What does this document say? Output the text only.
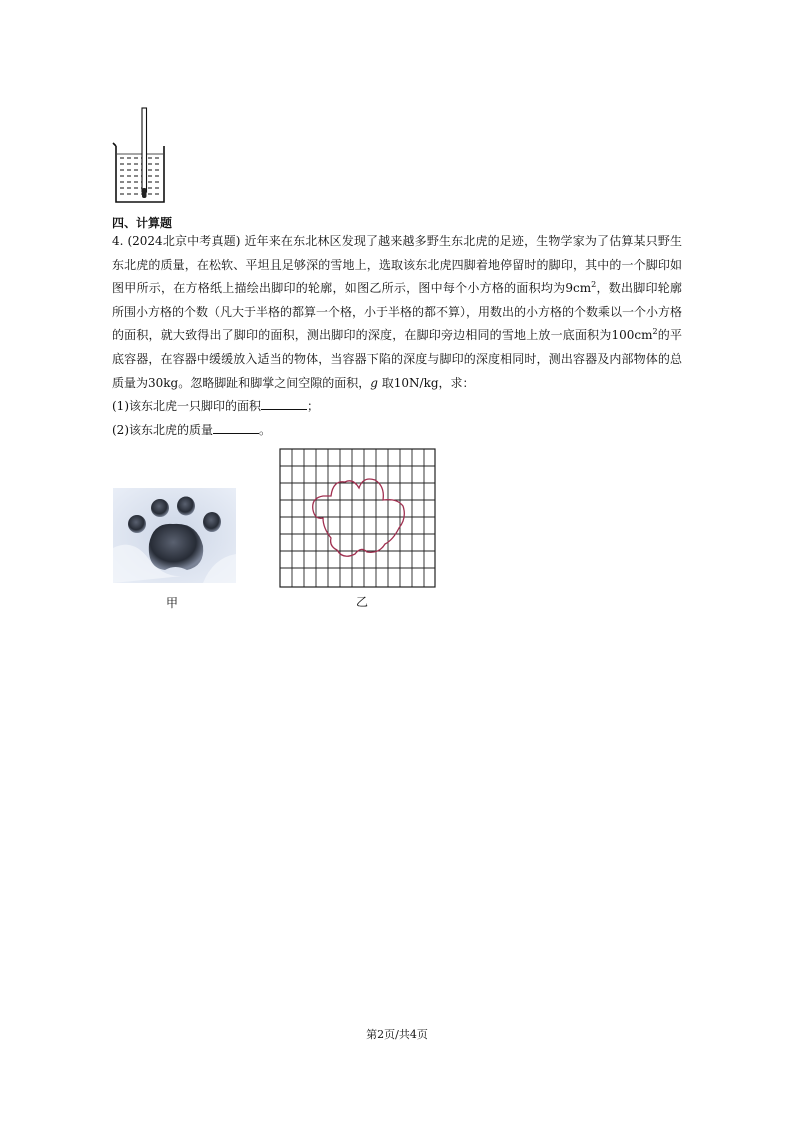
四、计算题
4. (2024北京中考真题) 近年来在东北林区发现了越来越多野生东北虎的足迹，生物学家为了估算某只野生东北虎的质量，在松软、平坦且足够深的雪地上，选取该东北虎四脚着地停留时的脚印，其中的一个脚印如图甲所示，在方格纸上描绘出脚印的轮廓，如图乙所示，图中每个小方格的面积均为$9cm^2$，数出脚印轮廓所围小方格的个数（凡大于半格的都算一个格，小于半格的都不算），用数出的小方格的个数乘以一个小方格的面积，就大致得出了脚印的面积，测出脚印的深度，在脚印旁边相同的雪地上放一底面积为$100cm^2$的平底容器，在容器中缓缓放入适当的物体，当容器下陷的深度与脚印的深度相同时，测出容器及内部物体的总质量为30kg。忽略脚趾和脚掌之间空隙的面积，g 取10N/kg，求：
(1)该东北虎一只脚印的面积	；
(2)该东北虎的质量	。
甲	乙
第2页/共4页
